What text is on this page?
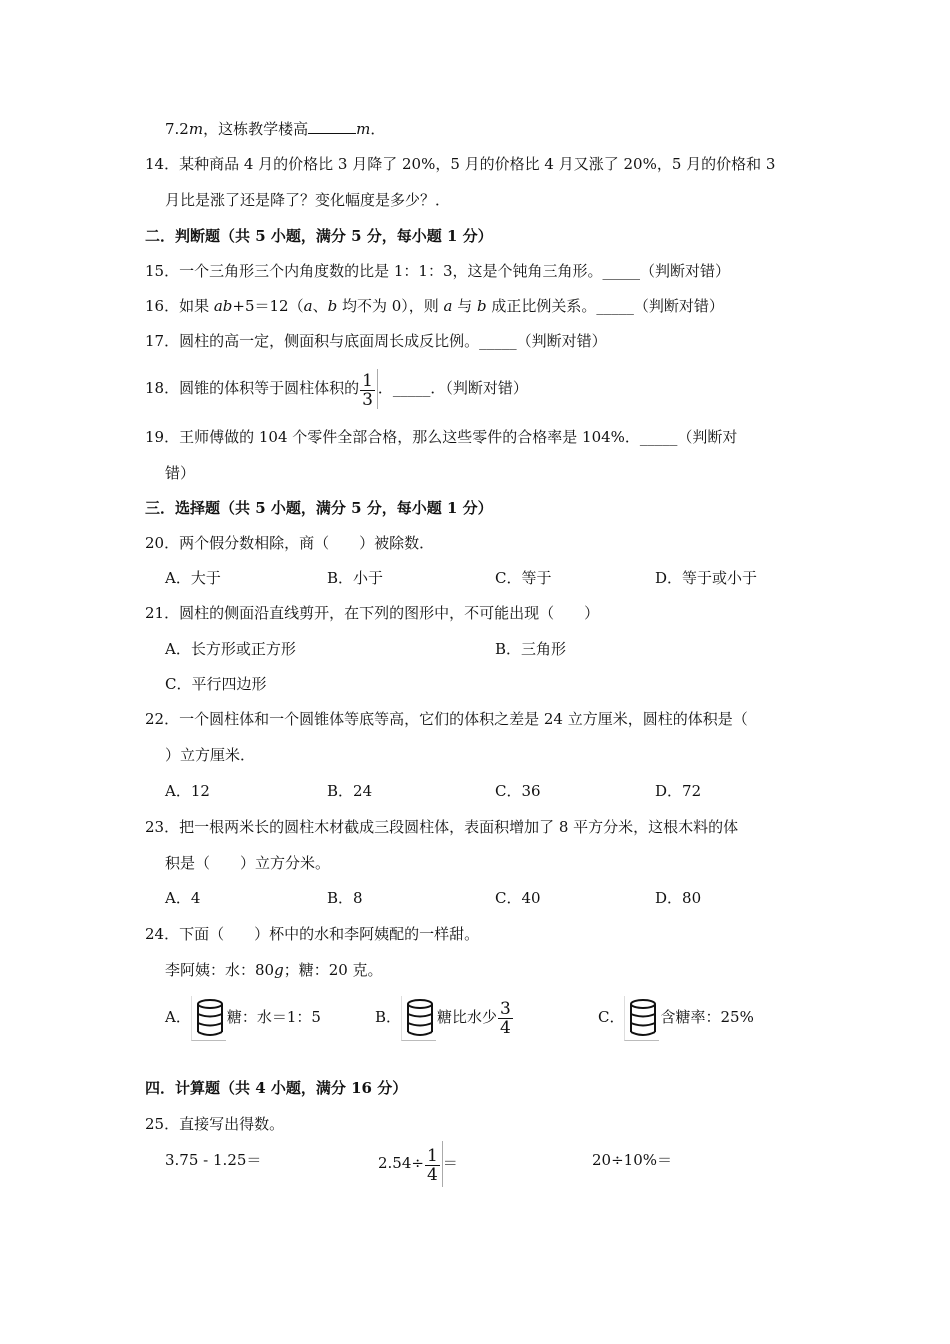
7.2m，这栋教学楼高	m．
14．某种商品 4 月的价格比 3 月降了 20%，5 月的价格比 4 月又涨了 20%，5 月的价格和 3
月比是涨了还是降了？变化幅度是多少？．
二．判断题（共 5 小题，满分 5 分，每小题 1 分）
15．一个三角形三个内角度数的比是 1：1：3，这是个钝角三角形。_____（判断对错）
16．如果 ab+5＝12（a、b 均不为 0），则 a 与 b 成正比例关系。_____（判断对错）
17．圆柱的高一定，侧面积与底面周长成反比例。_____（判断对错）
18．圆锥的体积等于圆柱体积的 $\frac{1}{3}$ ．_____．（判断对错）
19．王师傅做的 104 个零件全部合格，那么这些零件的合格率是 104%．_____（判断对
错）
三．选择题（共 5 小题，满分 5 分，每小题 1 分）
20．两个假分数相除，商（　　）被除数．
A．大于	B．小于	C．等于	D．等于或小于
21．圆柱的侧面沿直线剪开，在下列的图形中，不可能出现（　　）
A．长方形或正方形	B．三角形
C．平行四边形
22．一个圆柱体和一个圆锥体等底等高，它们的体积之差是 24 立方厘米，圆柱的体积是（
）立方厘米．
A．12	B．24	C．36	D．72
23．把一根两米长的圆柱木材截成三段圆柱体，表面积增加了 8 平方分米，这根木料的体
积是（　　）立方分米。
A．4	B．8	C．40	D．80
24．下面（　　）杯中的水和李阿姨配的一样甜。
李阿姨：水：80g；糖：20 克。
A． 糖：水＝1：5	B． 糖比水少 $\frac{3}{4}$	C． 含糖率：25%
四．计算题（共 4 小题，满分 16 分）
25．直接写出得数。
3.75 - 1.25＝	$2.54\div \frac{1}{4}$ ＝	20÷10%＝
